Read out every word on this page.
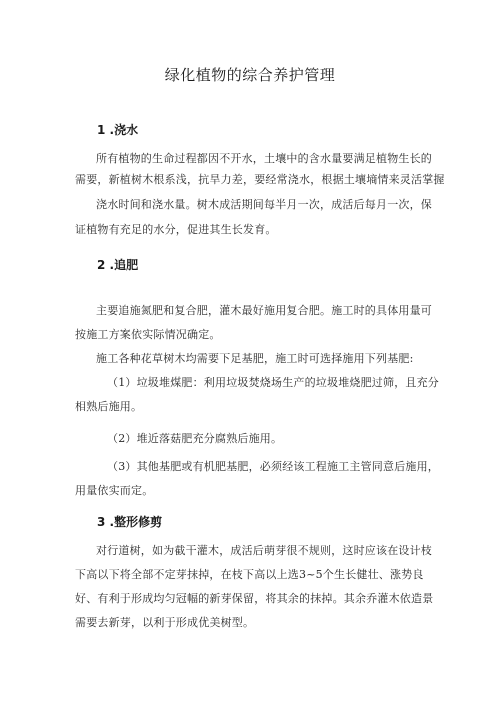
绿化植物的综合养护管理
1 .浇水
所有植物的生命过程都因不开水，土壤中的含水量要满足植物生长的
需要，新植树木根系浅，抗旱力差，要经常浇水，根据土壤墒情来灵活掌握
浇水时间和浇水量。树木成活期间每半月一次，成活后每月一次，保
证植物有充足的水分，促进其生长发育。
2 .追肥
主要追施氮肥和复合肥，灌木最好施用复合肥。施工时的具体用量可
按施工方案依实际情况确定。
施工各种花草树木均需要下足基肥，施工时可选择施用下列基肥:
（1）垃圾堆煤肥：利用垃圾焚烧场生产的垃圾堆烧肥过筛，且充分
相熟后施用。
（2）堆近落菇肥充分腐熟后施用。
（3）其他基肥或有机肥基肥，必须经该工程施工主管同意后施用，
用量依实而定。
3 .整形修剪
对行道树，如为截干灌木，成活后萌芽很不规则，这时应该在设计枝
下高以下将全部不定芽抹掉，在枝下高以上选3~5个生长健壮、涨势良
好、有利于形成均匀冠幅的新芽保留，将其余的抹掉。其余乔灌木依造景
需要去新芽，以利于形成优美树型。
